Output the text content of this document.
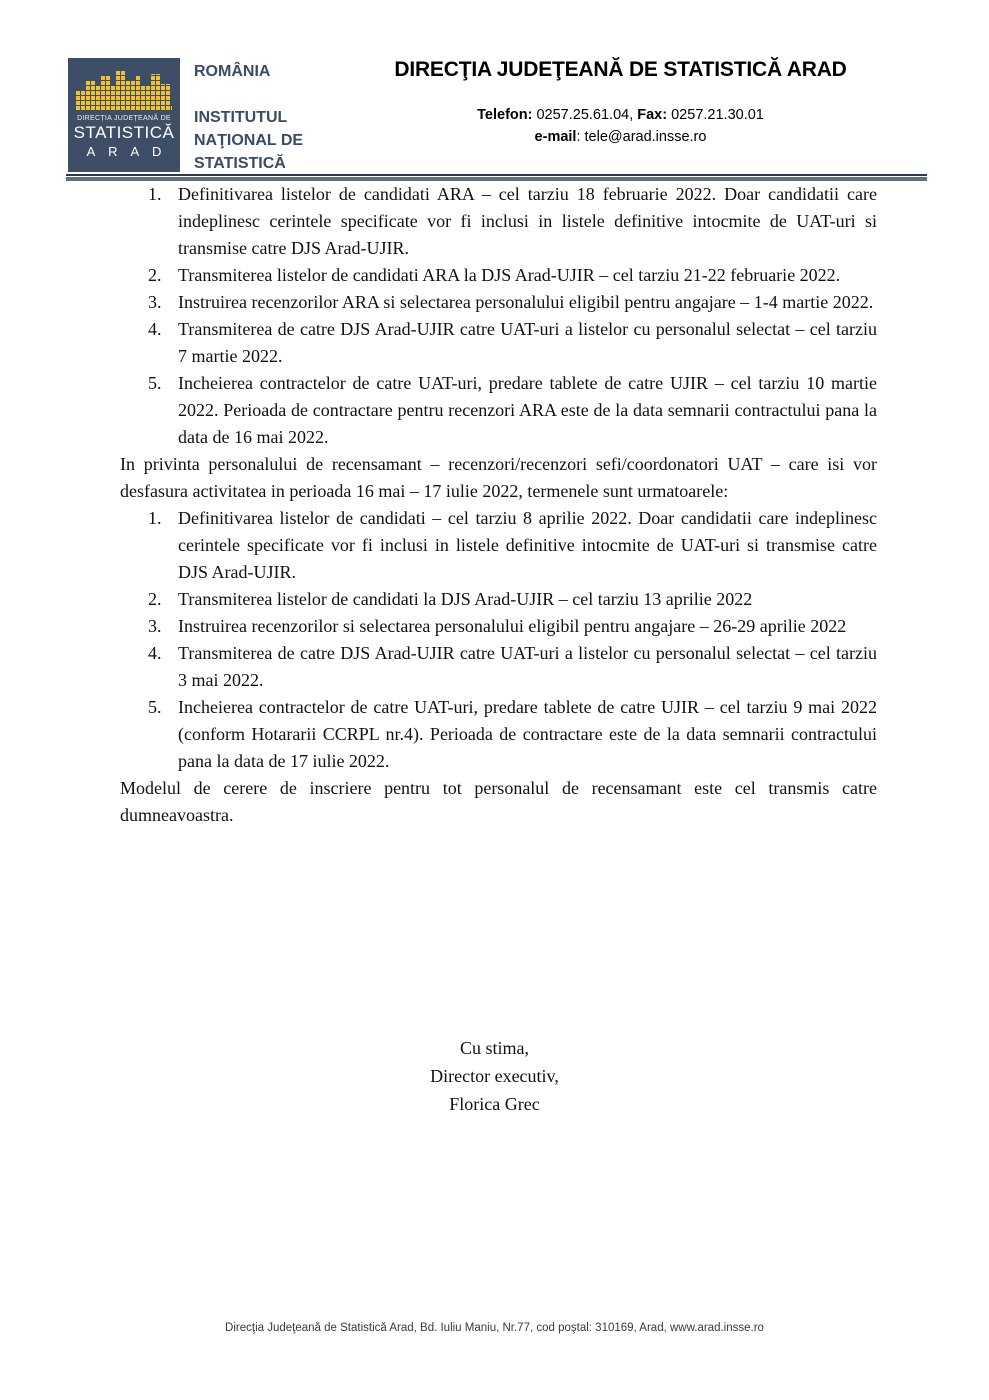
DIRECȚIA JUDEȚEANĂ DE
STATISTICĂ
A R A D
ROMÂNIA
INSTITUTUL
NAŢIONAL DE
STATISTICĂ
DIRECŢIA JUDEŢEANĂ DE STATISTICĂ ARAD
Telefon: 0257.25.61.04, Fax: 0257.21.30.01
e-mail: tele@arad.insse.ro
1. Definitivarea listelor de candidati ARA – cel tarziu 18 februarie 2022. Doar candidatii care indeplinesc cerintele specificate vor fi inclusi in listele definitive intocmite de UAT-uri si transmise catre DJS Arad-UJIR.
2. Transmiterea listelor de candidati ARA la DJS Arad-UJIR – cel tarziu 21-22 februarie 2022.
3. Instruirea recenzorilor ARA si selectarea personalului eligibil pentru angajare – 1-4 martie 2022.
4. Transmiterea de catre DJS Arad-UJIR catre UAT-uri a listelor cu personalul selectat – cel tarziu 7 martie 2022.
5. Incheierea contractelor de catre UAT-uri, predare tablete de catre UJIR – cel tarziu 10 martie 2022. Perioada de contractare pentru recenzori ARA este de la data semnarii contractului pana la data de 16 mai 2022.

In privinta personalului de recensamant – recenzori/recenzori sefi/coordonatori UAT – care isi vor desfasura activitatea in perioada 16 mai – 17 iulie 2022, termenele sunt urmatoarele:

1. Definitivarea listelor de candidati – cel tarziu 8 aprilie 2022. Doar candidatii care indeplinesc cerintele specificate vor fi inclusi in listele definitive intocmite de UAT-uri si transmise catre DJS Arad-UJIR.
2. Transmiterea listelor de candidati la DJS Arad-UJIR – cel tarziu 13 aprilie 2022
3. Instruirea recenzorilor si selectarea personalului eligibil pentru angajare – 26-29 aprilie 2022
4. Transmiterea de catre DJS Arad-UJIR catre UAT-uri a listelor cu personalul selectat – cel tarziu 3 mai 2022.
5. Incheierea contractelor de catre UAT-uri, predare tablete de catre UJIR – cel tarziu 9 mai 2022 (conform Hotararii CCRPL nr.4). Perioada de contractare este de la data semnarii contractului pana la data de 17 iulie 2022.

Modelul de cerere de inscriere pentru tot personalul de recensamant este cel transmis catre dumneavoastra.

Cu stima,
Director executiv,
Florica Grec
Direcţia Judeţeană de Statistică Arad, Bd. Iuliu Maniu, Nr.77, cod poştal: 310169, Arad, www.arad.insse.ro
